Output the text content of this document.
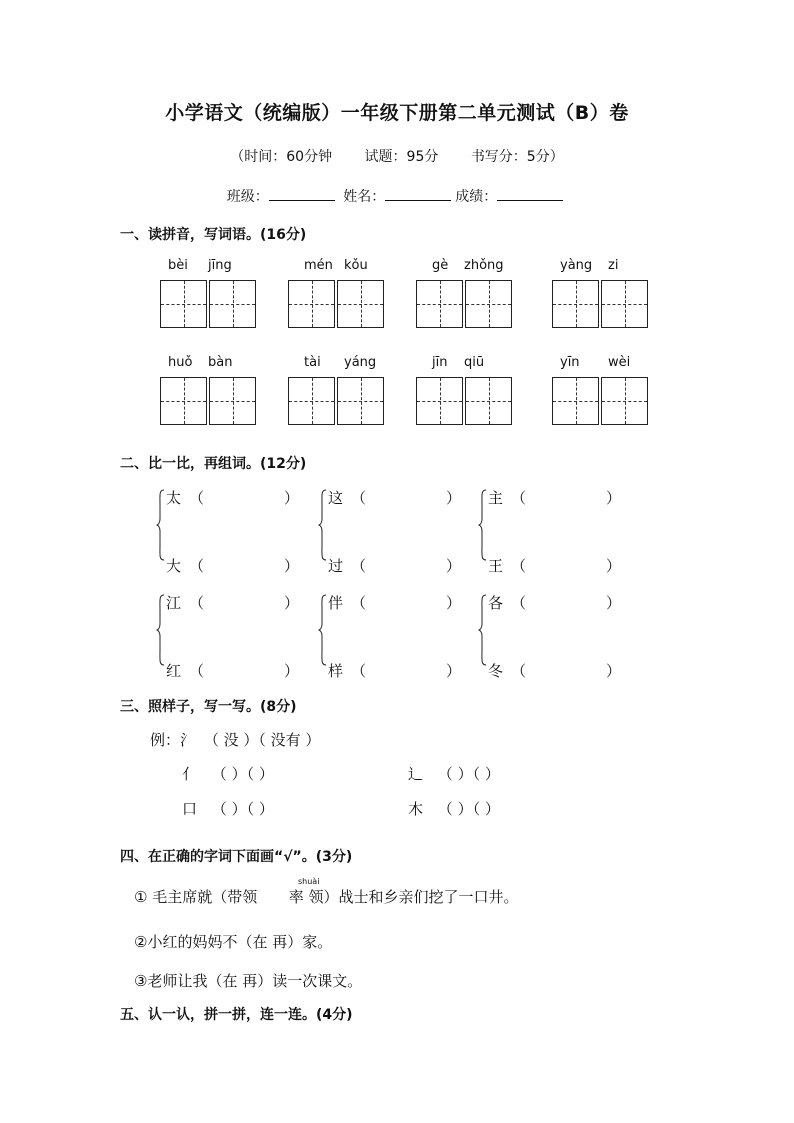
小学语文（统编版）一年级下册第二单元测试（B）卷
（时间：60分钟 试题：95分 书写分：5分）
班级：	姓名：	成绩：
一、读拼音，写词语。(16分)
bèi jīng	mén kǒu	gè zhǒng	yàng zi
huǒ bàn	tài yáng	jīn qiū	yīn wèi
二、比一比，再组词。(12分)
太 （	）
大 （	）
这 （	）
过 （	）
主 （	）
王 （	）
江 （	）
红 （	）
伴 （	）
样 （	）
各 （	）
冬 （	）
三、照样子，写一写。(8分)
例：氵 （ 没 ）（ 没有 ）
亻 （ ）（ ）	辶 （ ）（ ）
口 （ ）（ ）	木 （ ）（ ）
四、在正确的字词下面画“√”。(3分)
① 毛主席就（带领 率 领）战士和乡亲们挖了一口井。
shuài
②小红的妈妈不（在 再）家。
③老师让我（在 再）读一次课文。
五、认一认，拼一拼，连一连。(4分)
